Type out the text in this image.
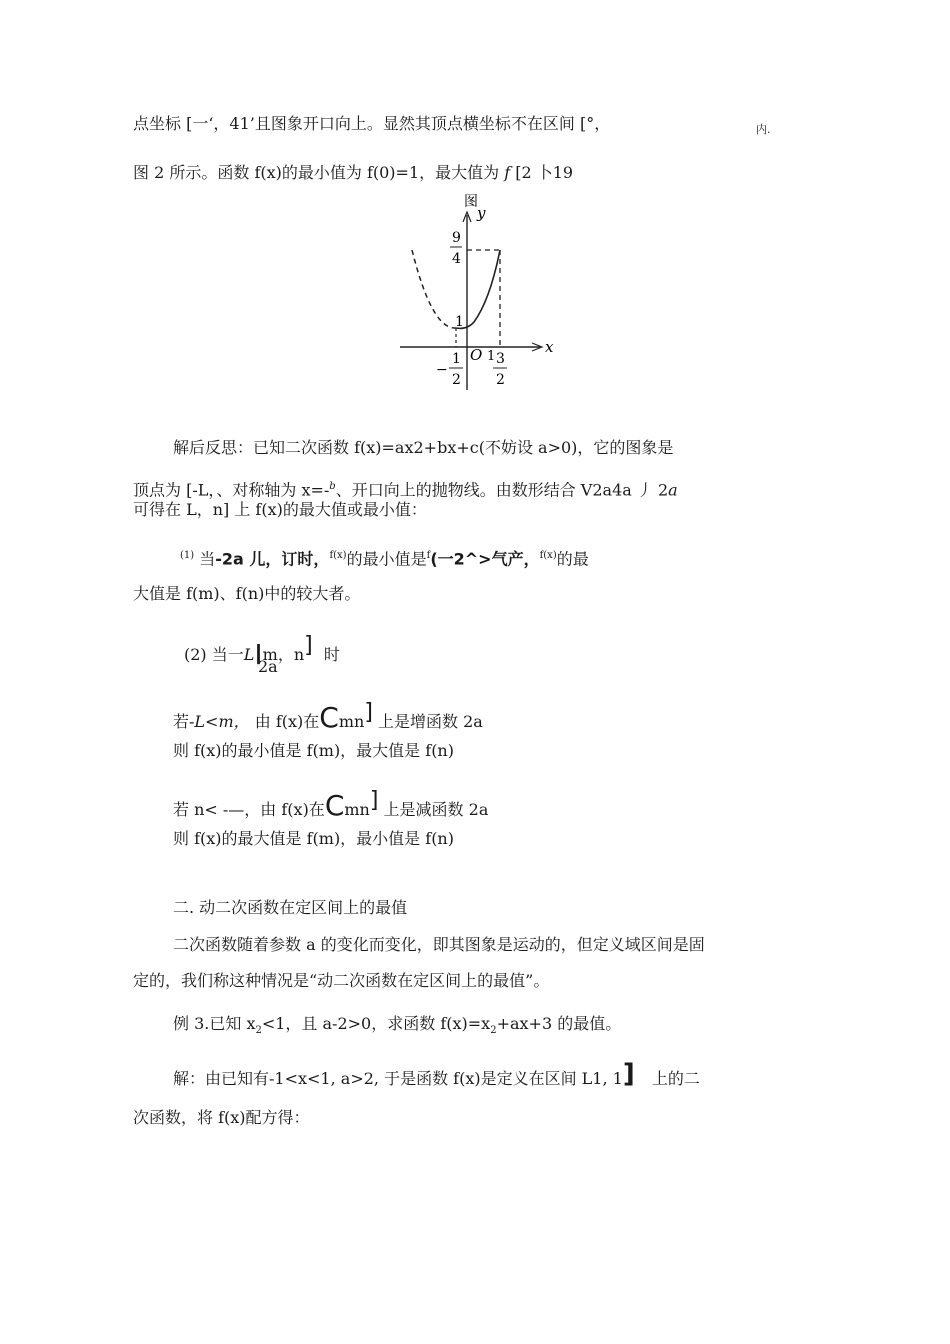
点坐标 [一‘，41’且图象开口向上。显然其顶点横坐标不在区间 [°，	内.
图 2 所示。函数 f(x)的最小值为 f(0)=1，最大值为 𝑓 [2 卜19
图
y
x
9
4
1
−
1
2
O 1 3
2
解后反思：已知二次函数 f(x)=ax2+bx+c(不妨设 a>0)，它的图象是
顶点为 [-L，、对称轴为 x=-$^b$、开口向上的抛物线。由数形结合 V2a4a 丿 2a
可得在 L，n] 上 f(x)的最大值或最小值：
$^{(1)}$ 当-2a 儿，订时，$^{f(x)}$的最小值是$^f$(一2^>气产，$^{f(x)}$的最
大值是 f(m)、f(n)中的较大者。
(2) 当一LIm，n] 时
2a
若-L<m， 由 f(x)在Cmn] 上是增函数 2a
则 f(x)的最小值是 f(m)，最大值是 f(n)
若 n< -—，由 f(x)在Cmn] 上是减函数 2a
则 f(x)的最大值是 f(m)，最小值是 f(n)
二. 动二次函数在定区间上的最值
二次函数随着参数 a 的变化而变化，即其图象是运动的，但定义域区间是固
定的，我们称这种情况是“动二次函数在定区间上的最值”。
例 3.已知 $x_2<1$，且 a-2>0，求函数 $f(x)=x_2+ax+3$ 的最值。
解：由已知有-1<x<1, a>2, 于是函数 f(x)是定义在区间 L1, 1] 上的二
次函数，将 f(x)配方得：
